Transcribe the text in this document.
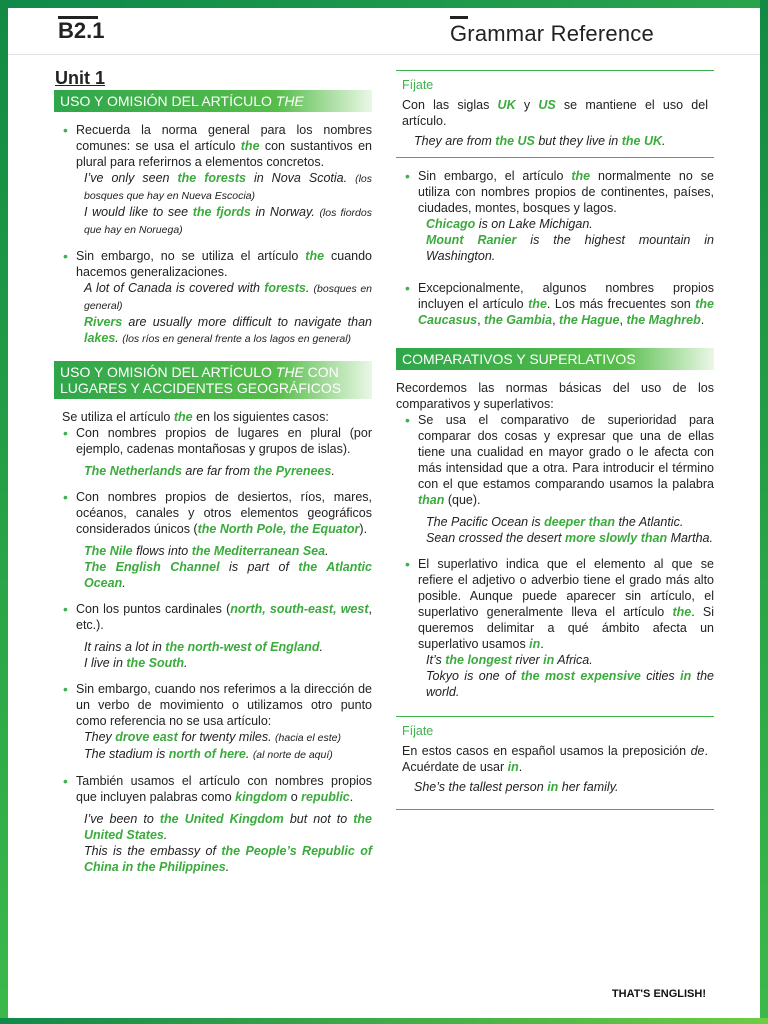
B2.1	Grammar Reference
Unit 1
USO Y OMISIÓN DEL ARTÍCULO THE

• Recuerda la norma general para los nombres comunes: se usa el artículo the con sustantivos en plural para referirnos a elementos concretos.

I’ve only seen the forests in Nova Scotia. (los bosques que hay en Nueva Escocia)

I would like to see the fjords in Norway. (los fiordos que hay en Noruega)

• Sin embargo, no se utiliza el artículo the cuando hacemos generalizaciones.

A lot of Canada is covered with forests. (bosques en general)

Rivers are usually more difficult to navigate than lakes. (los ríos en general frente a los lagos en general)

USO Y OMISIÓN DEL ARTÍCULO THE CON LUGARES Y ACCIDENTES GEOGRÁFICOS

Se utiliza el artículo the en los siguientes casos:

• Con nombres propios de lugares en plural (por ejemplo, cadenas montañosas y grupos de islas).

The Netherlands are far from the Pyrenees.

• Con nombres propios de desiertos, ríos, mares, océanos, canales y otros elementos geográficos considerados únicos (the North Pole, the Equator).

The Nile flows into the Mediterranean Sea.

The English Channel is part of the Atlantic Ocean.

• Con los puntos cardinales (north, south-east, west, etc.).

It rains a lot in the north-west of England.

I live in the South.

• Sin embargo, cuando nos referimos a la dirección de un verbo de movimiento o utilizamos otro punto como referencia no se usa artículo:

They drove east for twenty miles. (hacia el este)

The stadium is north of here. (al norte de aquí)

• También usamos el artículo con nombres propios que incluyen palabras como kingdom o republic.

I’ve been to the United Kingdom but not to the United States.

This is the embassy of the People’s Republic of China in the Philippines.

Fíjate

Con las siglas UK y US se mantiene el uso del artículo.

They are from the US but they live in the UK.

• Sin embargo, el artículo the normalmente no se utiliza con nombres propios de continentes, países, ciudades, montes, bosques y lagos.

Chicago is on Lake Michigan.

Mount Ranier is the highest mountain in Washington.

• Excepcionalmente, algunos nombres propios incluyen el artículo the. Los más frecuentes son the Caucasus, the Gambia, the Hague, the Maghreb.

COMPARATIVOS Y SUPERLATIVOS

Recordemos las normas básicas del uso de los comparativos y superlativos:

• Se usa el comparativo de superioridad para comparar dos cosas y expresar que una de ellas tiene una cualidad en mayor grado o le afecta con más intensidad que a otra. Para introducir el término con el que estamos comparando usamos la palabra than (que).

The Pacific Ocean is deeper than the Atlantic.

Sean crossed the desert more slowly than Martha.

• El superlativo indica que el elemento al que se refiere el adjetivo o adverbio tiene el grado más alto posible. Aunque puede aparecer sin artículo, el superlativo generalmente lleva el artículo the. Si queremos delimitar a qué ámbito afecta un superlativo usamos in.

It’s the longest river in Africa.

Tokyo is one of the most expensive cities in the world.

Fíjate

En estos casos en español usamos la preposición de. Acuérdate de usar in.

She’s the tallest person in her family.

THAT'S ENGLISH!
